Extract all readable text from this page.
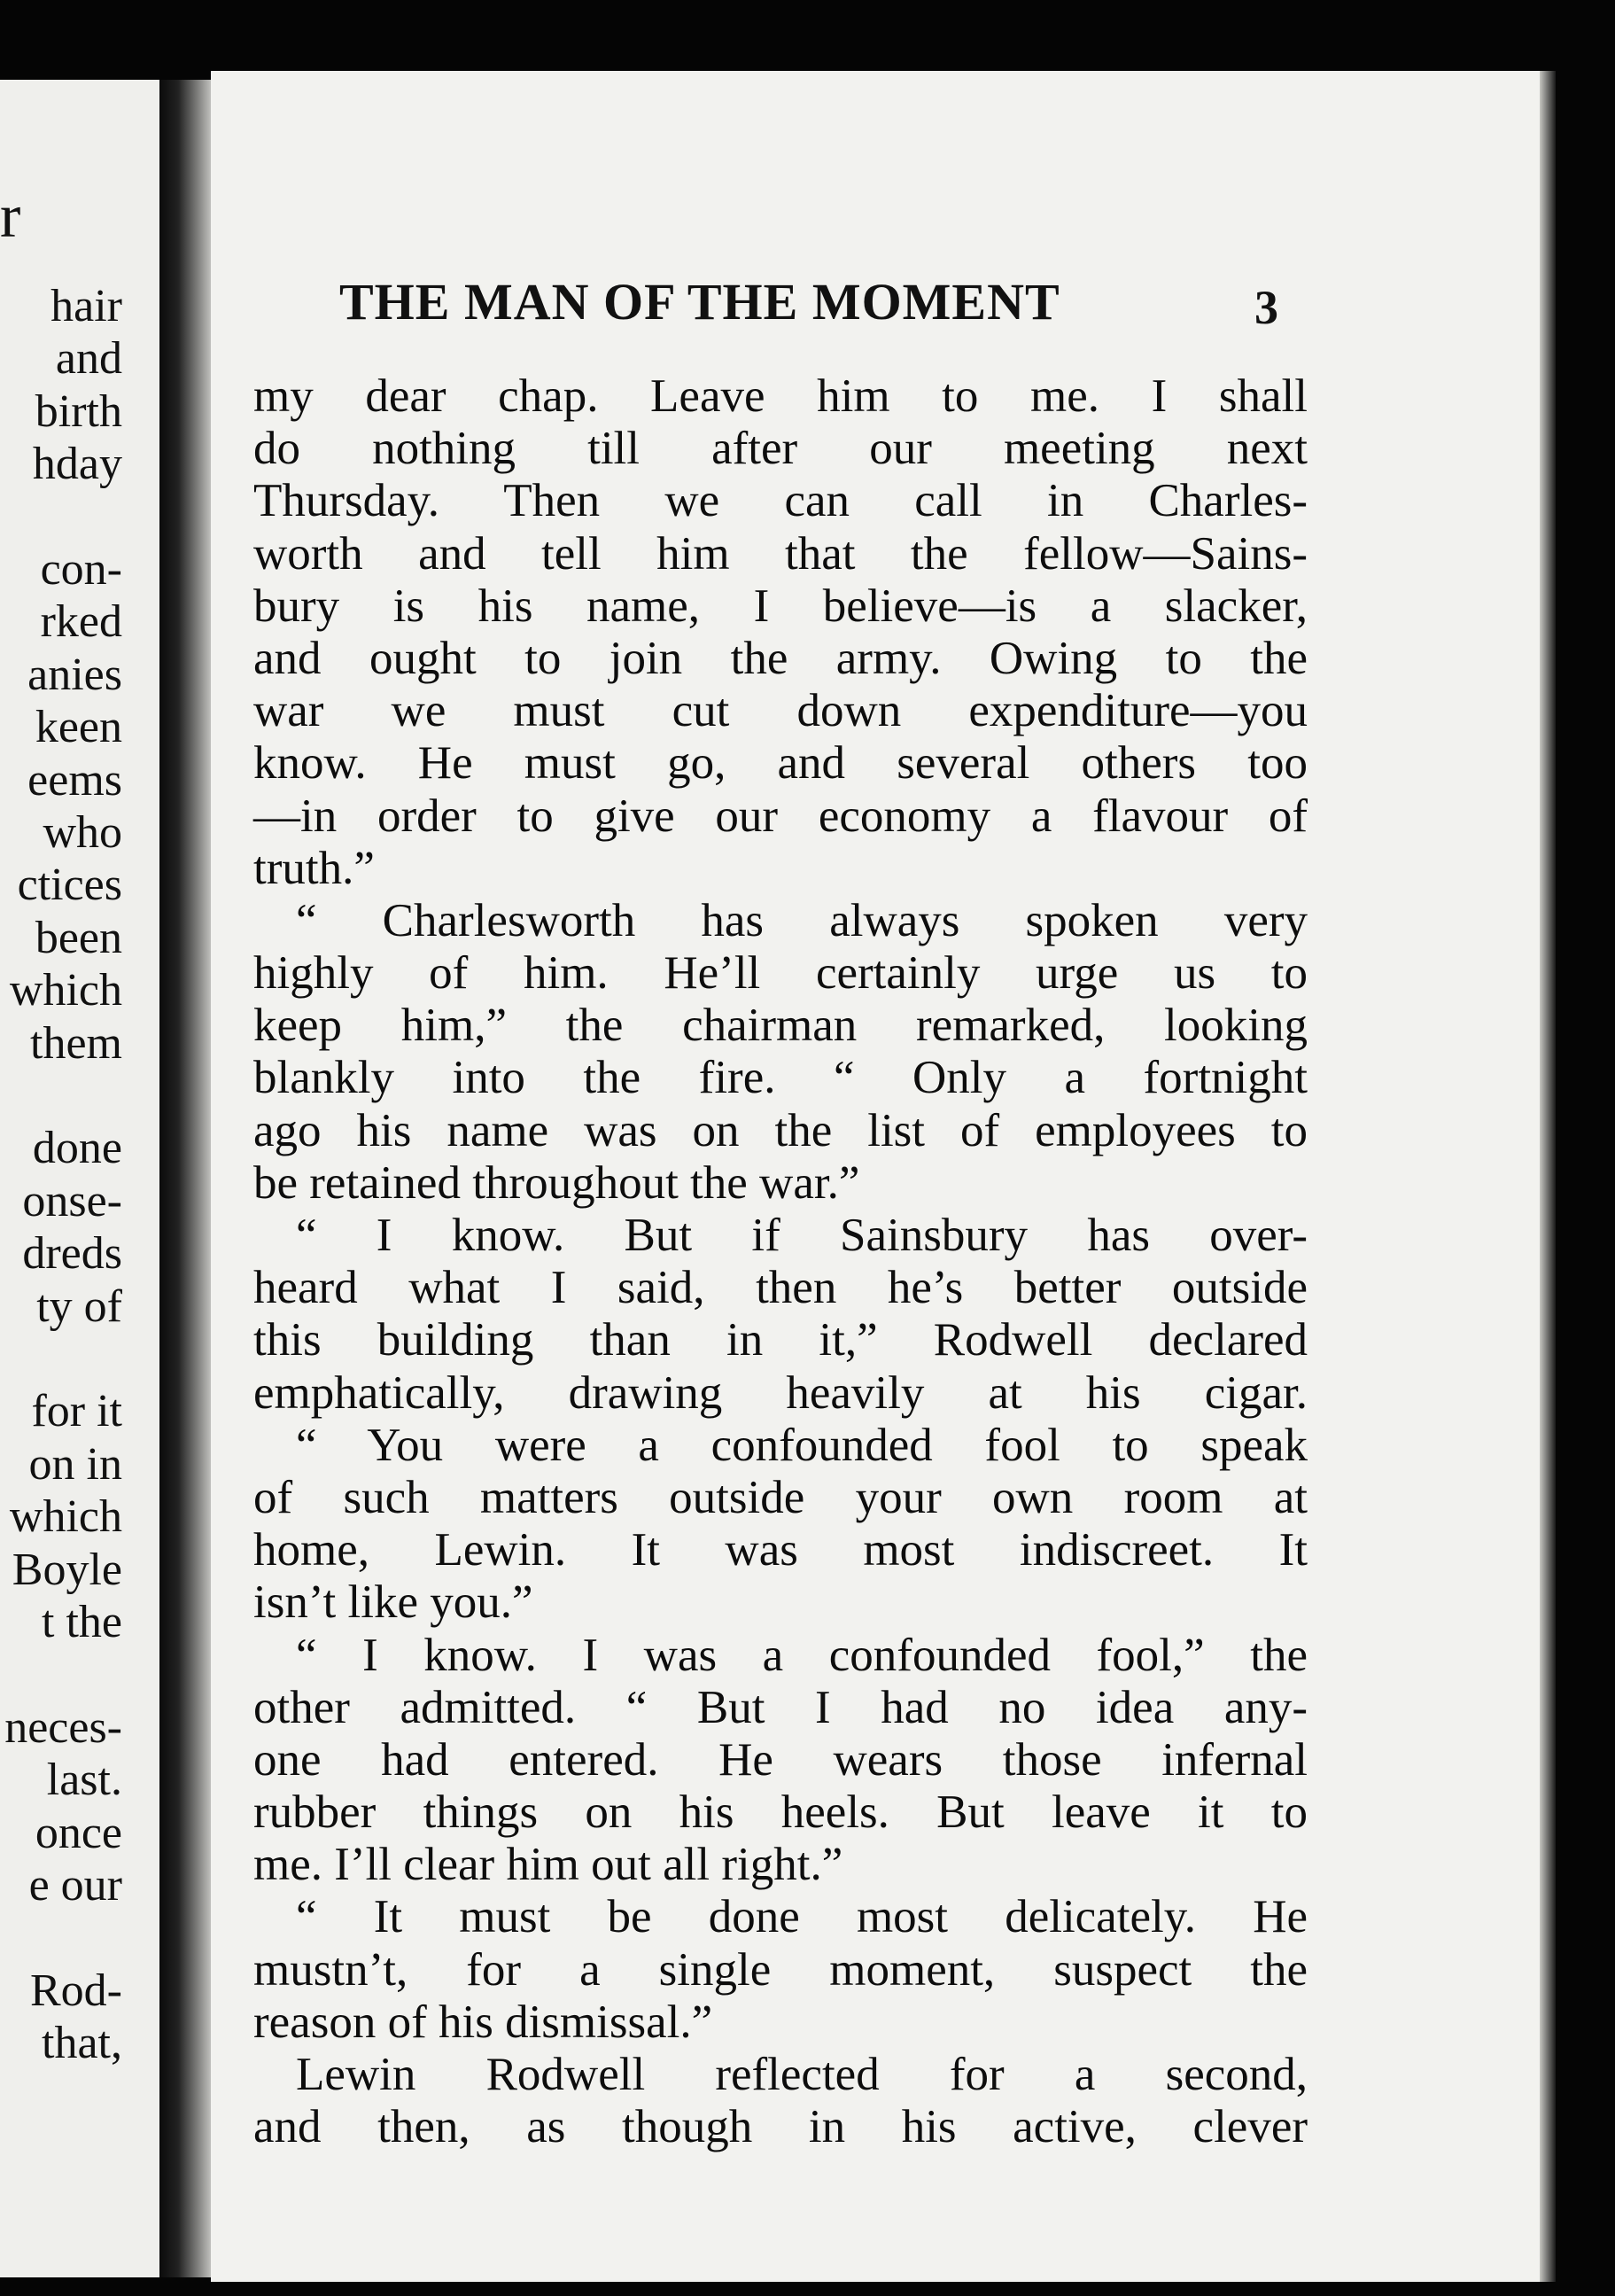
r
hair
and
birth
hday
con-
rked
anies
keen
eems
who
ctices
been
which
them
done
onse-
dreds
ty of
for it
on in
which
Boyle
t the
neces-
last.
once
e our
Rod-
that,
THE MAN OF THE MOMENT	3
my dear chap. Leave him to me. I shall
do nothing till after our meeting next
Thursday. Then we can call in Charles-
worth and tell him that the fellow—Sains-
bury is his name, I believe—is a slacker,
and ought to join the army. Owing to the
war we must cut down expenditure—you
know. He must go, and several others too
—in order to give our economy a flavour of
truth.”
“ Charlesworth has always spoken very
highly of him. He’ll certainly urge us to
keep him,” the chairman remarked, looking
blankly into the fire. “ Only a fortnight
ago his name was on the list of employees to
be retained throughout the war.”
“ I know. But if Sainsbury has over-
heard what I said, then he’s better outside
this building than in it,” Rodwell declared
emphatically, drawing heavily at his cigar.
“ You were a confounded fool to speak
of such matters outside your own room at
home, Lewin. It was most indiscreet. It
isn’t like you.”
“ I know. I was a confounded fool,” the
other admitted. “ But I had no idea any-
one had entered. He wears those infernal
rubber things on his heels. But leave it to
me. I’ll clear him out all right.”
“ It must be done most delicately. He
mustn’t, for a single moment, suspect the
reason of his dismissal.”
Lewin Rodwell reflected for a second,
and then, as though in his active, clever
